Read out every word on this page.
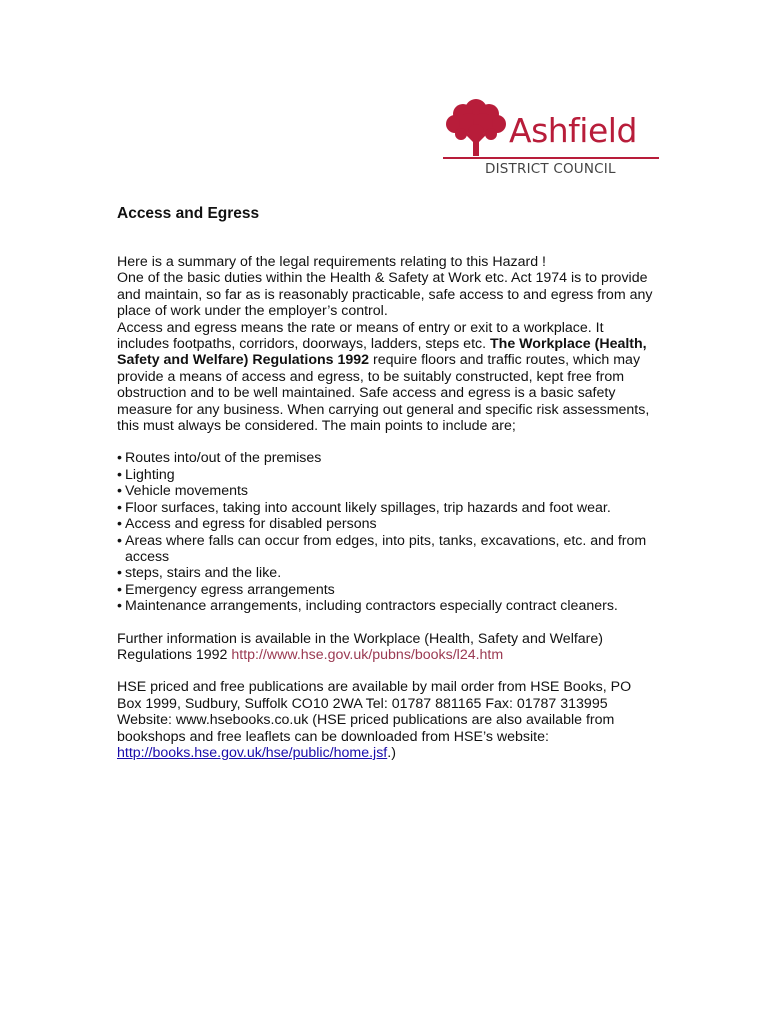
Ashfield
DISTRICT COUNCIL
Access and Egress

Here is a summary of the legal requirements relating to this Hazard !

One of the basic duties within the Health & Safety at Work etc. Act 1974 is to provide and maintain, so far as is reasonably practicable, safe access to and egress from any place of work under the employer’s control.

Access and egress means the rate or means of entry or exit to a workplace. It includes footpaths, corridors, doorways, ladders, steps etc. The Workplace (Health, Safety and Welfare) Regulations 1992 require floors and traffic routes, which may provide a means of access and egress, to be suitably constructed, kept free from obstruction and to be well maintained. Safe access and egress is a basic safety measure for any business. When carrying out general and specific risk assessments, this must always be considered. The main points to include are;

• Routes into/out of the premises
• Lighting
• Vehicle movements
• Floor surfaces, taking into account likely spillages, trip hazards and foot wear.
• Access and egress for disabled persons
• Areas where falls can occur from edges, into pits, tanks, excavations, etc. and from access
• steps, stairs and the like.
• Emergency egress arrangements
• Maintenance arrangements, including contractors especially contract cleaners.

Further information is available in the Workplace (Health, Safety and Welfare) Regulations 1992 http://www.hse.gov.uk/pubns/books/l24.htm

HSE priced and free publications are available by mail order from HSE Books, PO Box 1999, Sudbury, Suffolk CO10 2WA Tel: 01787 881165 Fax: 01787 313995 Website: www.hsebooks.co.uk (HSE priced publications are also available from bookshops and free leaflets can be downloaded from HSE’s website: http://books.hse.gov.uk/hse/public/home.jsf.)
